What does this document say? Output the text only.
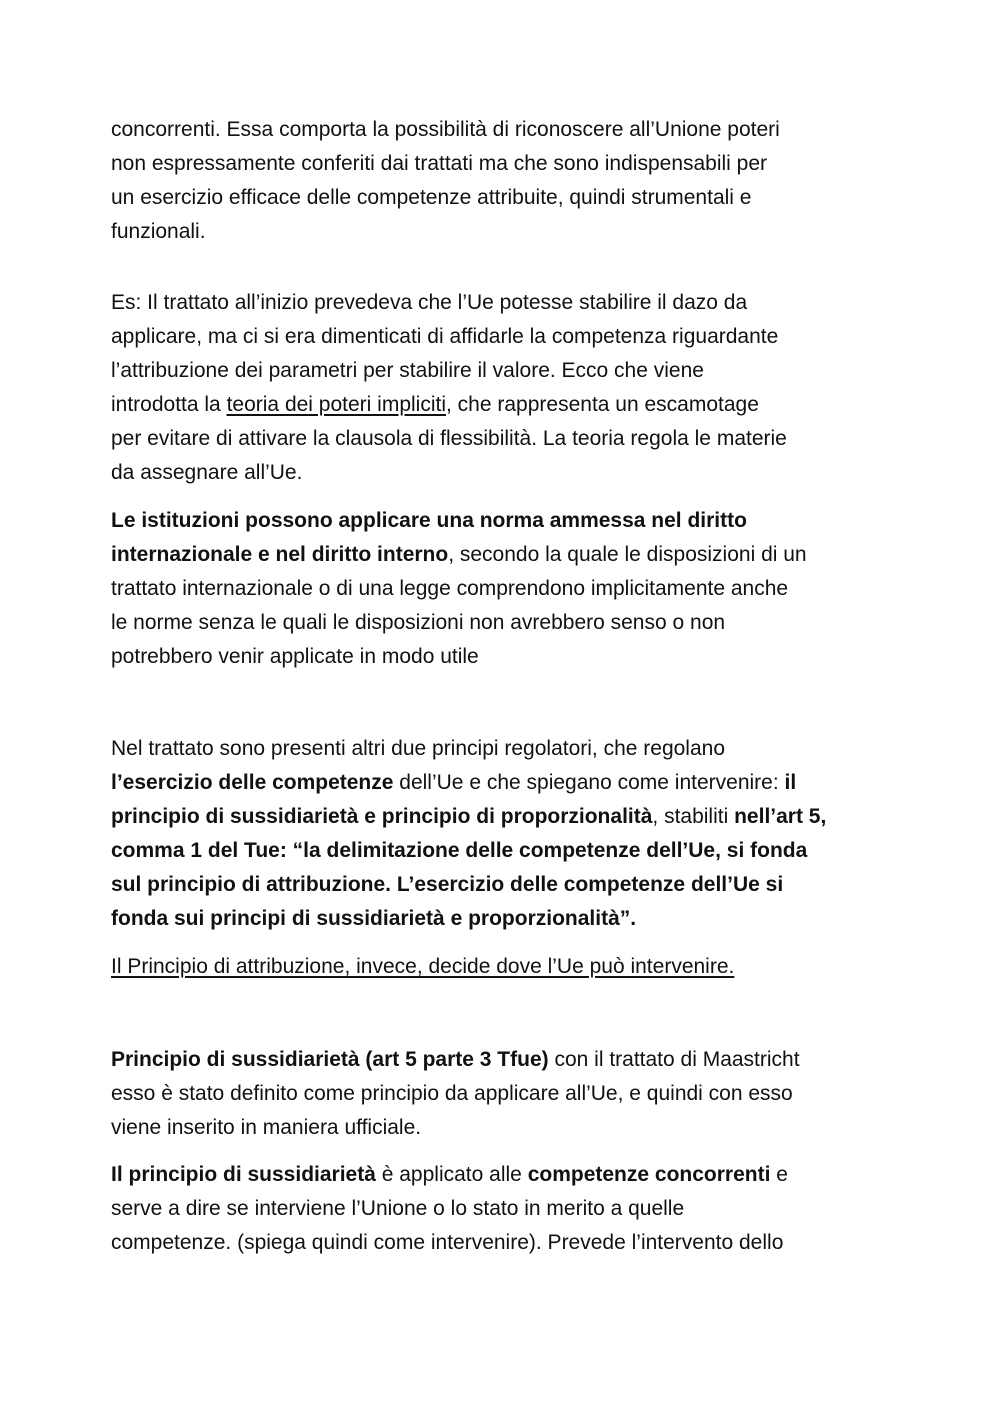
concorrenti. Essa comporta la possibilità di riconoscere all’Unione poteri
non espressamente conferiti dai trattati ma che sono indispensabili per
un esercizio efficace delle competenze attribuite, quindi strumentali e
funzionali.
Es: Il trattato all’inizio prevedeva che l’Ue potesse stabilire il dazo da
applicare, ma ci si era dimenticati di affidarle la competenza riguardante
l’attribuzione dei parametri per stabilire il valore. Ecco che viene
introdotta la teoria dei poteri impliciti, che rappresenta un escamotage
per evitare di attivare la clausola di flessibilità. La teoria regola le materie
da assegnare all’Ue.
Le istituzioni possono applicare una norma ammessa nel diritto
internazionale e nel diritto interno, secondo la quale le disposizioni di un
trattato internazionale o di una legge comprendono implicitamente anche
le norme senza le quali le disposizioni non avrebbero senso o non
potrebbero venir applicate in modo utile
Nel trattato sono presenti altri due principi regolatori, che regolano
l’esercizio delle competenze dell’Ue e che spiegano come intervenire: il
principio di sussidiarietà e principio di proporzionalità, stabiliti nell’art 5,
comma 1 del Tue: “la delimitazione delle competenze dell’Ue, si fonda
sul principio di attribuzione. L’esercizio delle competenze dell’Ue si
fonda sui principi di sussidiarietà e proporzionalità”.
Il Principio di attribuzione, invece, decide dove l’Ue può intervenire.
Principio di sussidiarietà (art 5 parte 3 Tfue) con il trattato di Maastricht
esso è stato definito come principio da applicare all’Ue, e quindi con esso
viene inserito in maniera ufficiale.
Il principio di sussidiarietà è applicato alle competenze concorrenti e
serve a dire se interviene l’Unione o lo stato in merito a quelle
competenze. (spiega quindi come intervenire). Prevede l’intervento dello
